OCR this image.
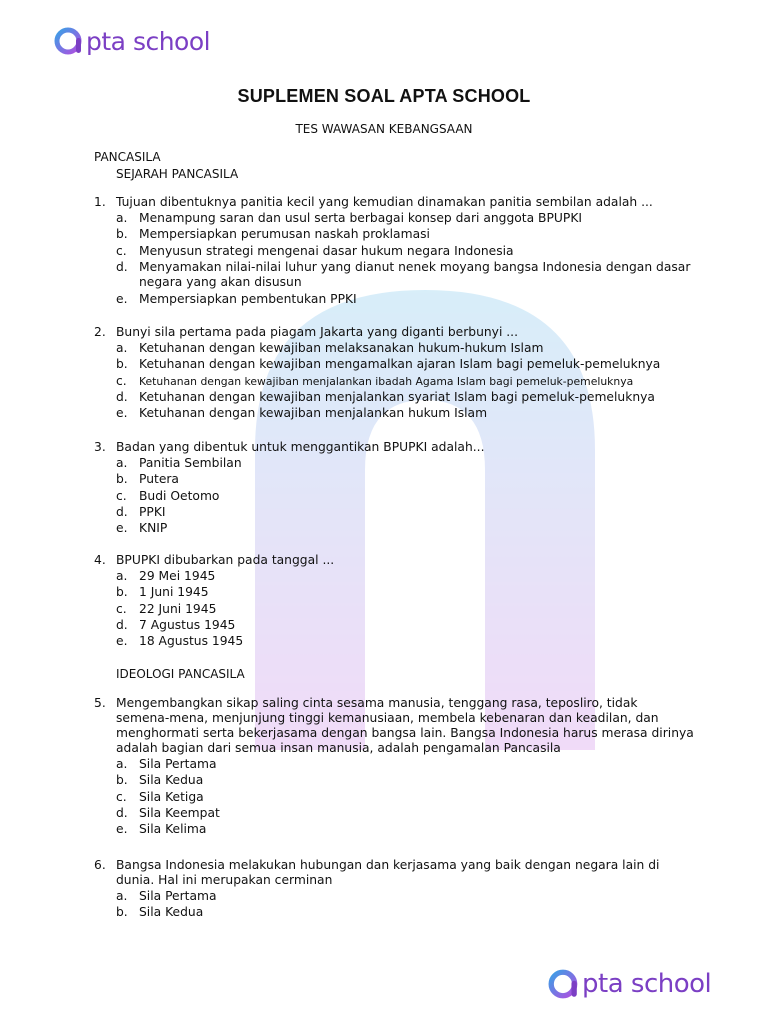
pta school
SUPLEMEN SOAL APTA SCHOOL
TES WAWASAN KEBANGSAAN
PANCASILA
SEJARAH PANCASILA
1. Tujuan dibentuknya panitia kecil yang kemudian dinamakan panitia sembilan adalah ...
a. Menampung saran dan usul serta berbagai konsep dari anggota BPUPKI
b. Mempersiapkan perumusan naskah proklamasi
c.	Menyusun strategi mengenai dasar hukum negara Indonesia
d. Menyamakan nilai-nilai luhur yang dianut nenek moyang bangsa Indonesia dengan dasar negara yang akan disusun
e. Mempersiapkan pembentukan PPKI
2. Bunyi sila pertama pada piagam Jakarta yang diganti berbunyi ...
a. Ketuhanan dengan kewajiban melaksanakan hukum-hukum Islam
b. Ketuhanan dengan kewajiban mengamalkan ajaran Islam bagi pemeluk-pemeluknya
c.	Ketuhanan dengan kewajiban menjalankan ibadah Agama Islam bagi pemeluk-pemeluknya
d. Ketuhanan dengan kewajiban menjalankan syariat Islam bagi pemeluk-pemeluknya
e. Ketuhanan dengan kewajiban menjalankan hukum Islam
3. Badan yang dibentuk untuk menggantikan BPUPKI adalah...
a. Panitia Sembilan
b. Putera
c.	Budi Oetomo
d. PPKI
e. KNIP
4. BPUPKI dibubarkan pada tanggal ...
a. 29 Mei 1945
b. 1 Juni 1945
c.	22 Juni 1945
d. 7 Agustus 1945
e. 18 Agustus 1945
IDEOLOGI PANCASILA
5. Mengembangkan sikap saling cinta sesama manusia, tenggang rasa, teposliro, tidak semena-mena, menjunjung tinggi kemanusiaan, membela kebenaran dan keadilan, dan menghormati serta bekerjasama dengan bangsa lain. Bangsa Indonesia harus merasa dirinya adalah bagian dari semua insan manusia, adalah pengamalan Pancasila
a. Sila Pertama
b. Sila Kedua
c.	Sila Ketiga
d. Sila Keempat
e. Sila Kelima
6. Bangsa Indonesia melakukan hubungan dan kerjasama yang baik dengan negara lain di dunia. Hal ini merupakan cerminan
a. Sila Pertama
b. Sila Kedua
pta school
